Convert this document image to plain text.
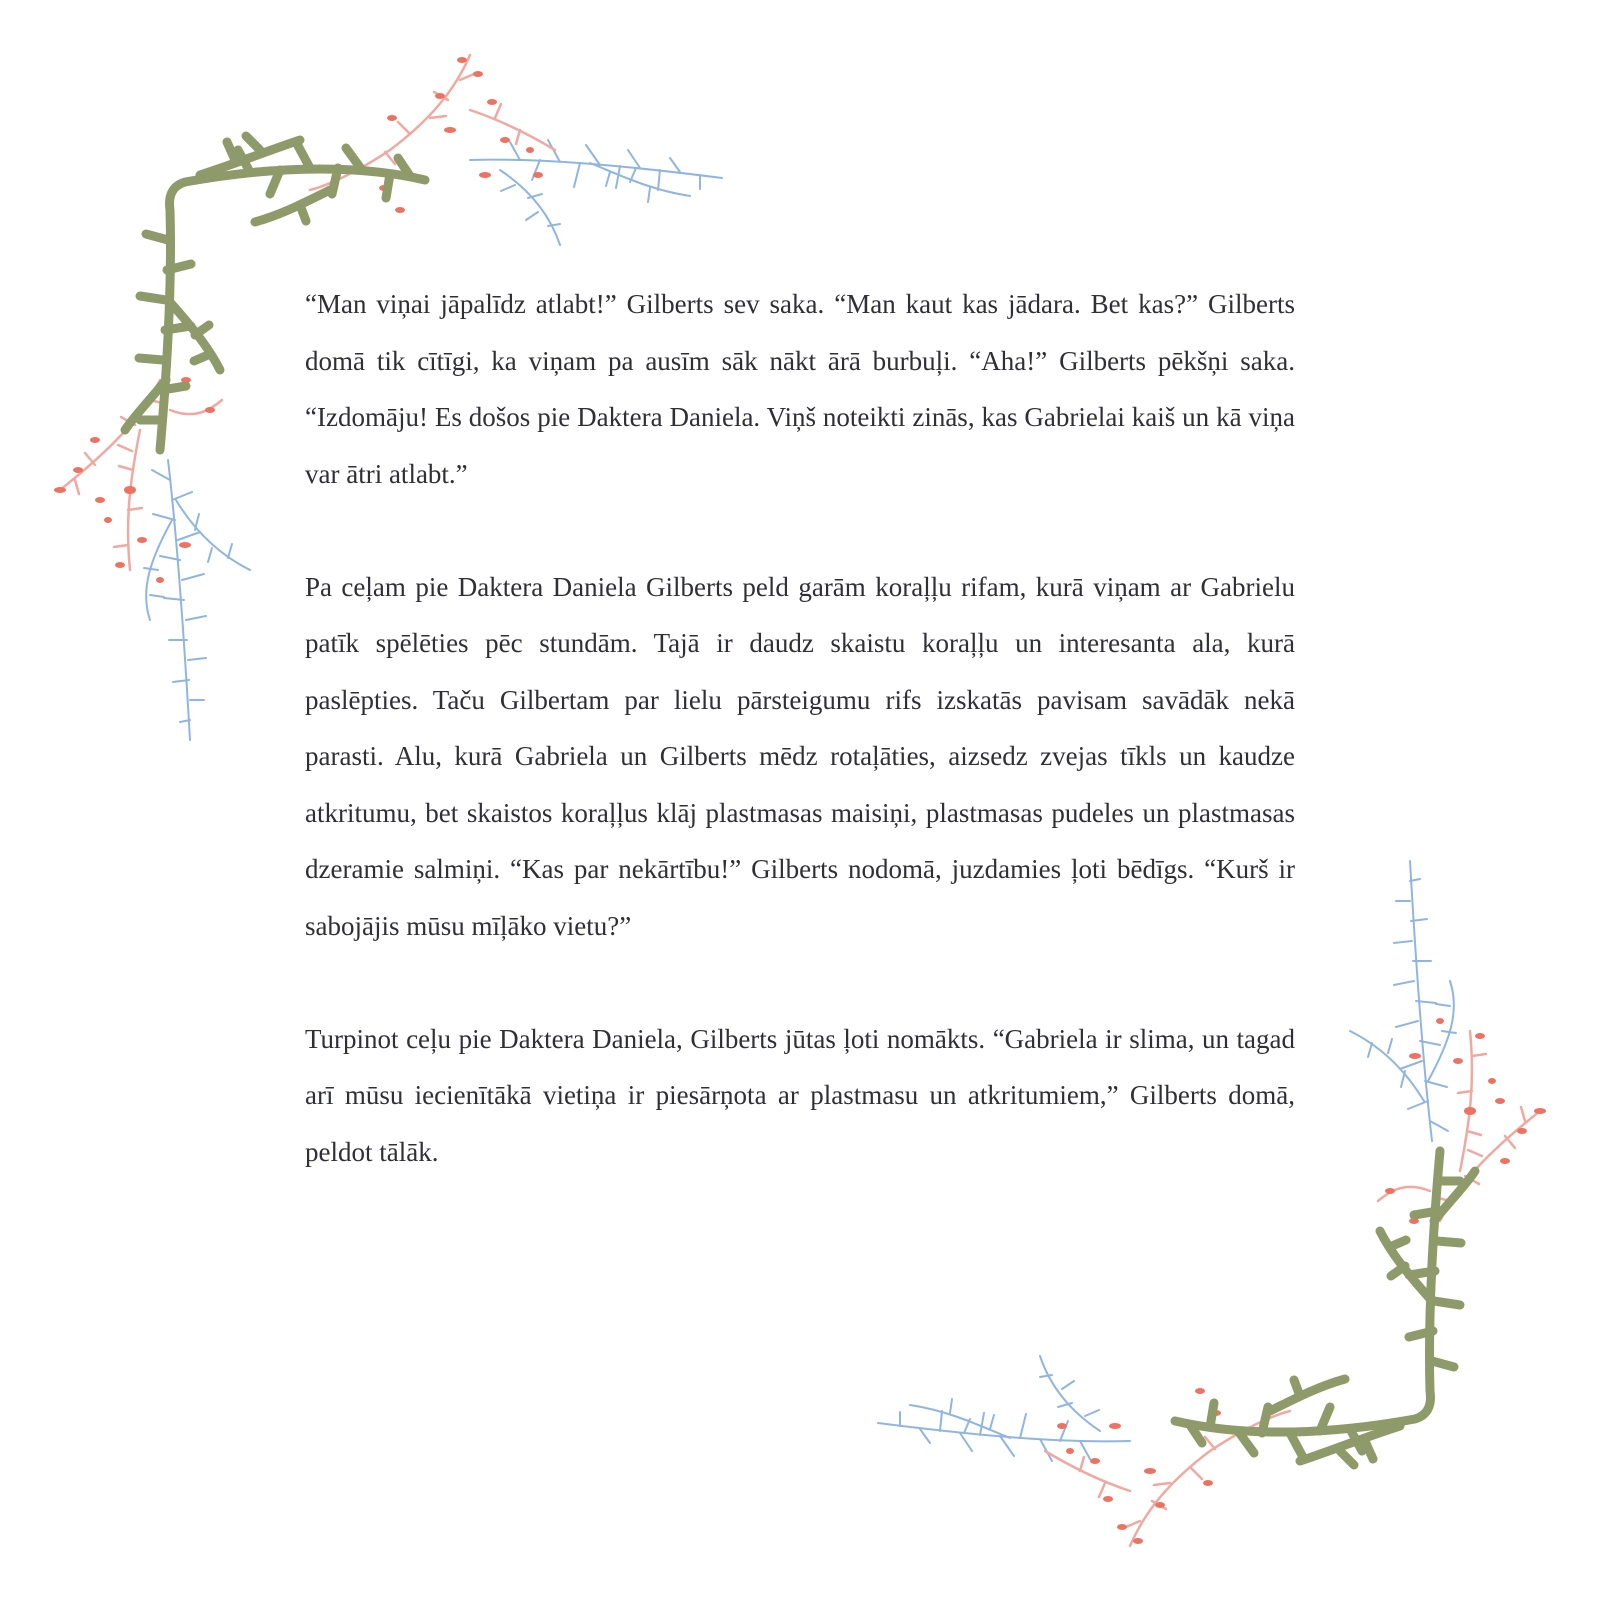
“Man viņai jāpalīdz atlabt!” Gilberts sev saka. “Man kaut kas jādara. Bet kas?” Gilberts domā tik cītīgi, ka viņam pa ausīm sāk nākt ārā burbuļi. “Aha!” Gilberts pēkšņi saka. “Izdomāju! Es došos pie Daktera Daniela. Viņš noteikti zinās, kas Gabrielai kaiš un kā viņa var ātri atlabt.”

Pa ceļam pie Daktera Daniela Gilberts peld garām koraļļu rifam, kurā viņam ar Gabrielu patīk spēlēties pēc stundām. Tajā ir daudz skaistu koraļļu un interesanta ala, kurā paslēpties. Taču Gilbertam par lielu pārsteigumu rifs izskatās pavisam savādāk nekā parasti. Alu, kurā Gabriela un Gilberts mēdz rotaļāties, aizsedz zvejas tīkls un kaudze atkritumu, bet skaistos koraļļus klāj plastmasas maisiņi, plastmasas pudeles un plastmasas dzeramie salmiņi. “Kas par nekārtību!” Gilberts nodomā, juzdamies ļoti bēdīgs. “Kurš ir sabojājis mūsu mīļāko vietu?”

Turpinot ceļu pie Daktera Daniela, Gilberts jūtas ļoti nomākts. “Gabriela ir slima, un tagad arī mūsu iecienītākā vietiņa ir piesārņota ar plastmasu un atkritumiem,” Gilberts domā, peldot tālāk.
